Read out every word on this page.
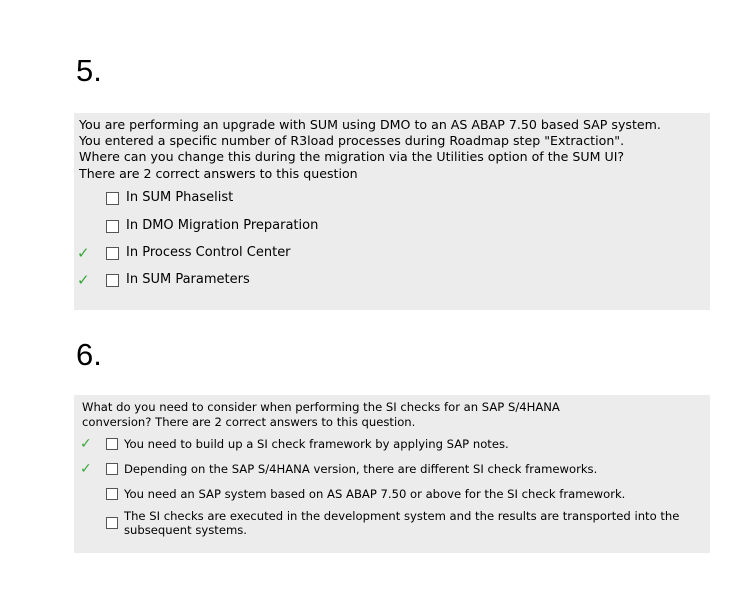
5.
You are performing an upgrade with SUM using DMO to an AS ABAP 7.50 based SAP system.
You entered a specific number of R3load processes during Roadmap step "Extraction".
Where can you change this during the migration via the Utilities option of the SUM UI?
There are 2 correct answers to this question
In SUM Phaselist
In DMO Migration Preparation
✓	In Process Control Center
✓	In SUM Parameters
6.
What do you need to consider when performing the SI checks for an SAP S/4HANA
conversion? There are 2 correct answers to this question.
✓	You need to build up a SI check framework by applying SAP notes.
✓	Depending on the SAP S/4HANA version, there are different SI check frameworks.
You need an SAP system based on AS ABAP 7.50 or above for the SI check framework.
The SI checks are executed in the development system and the results are transported into the subsequent systems.
